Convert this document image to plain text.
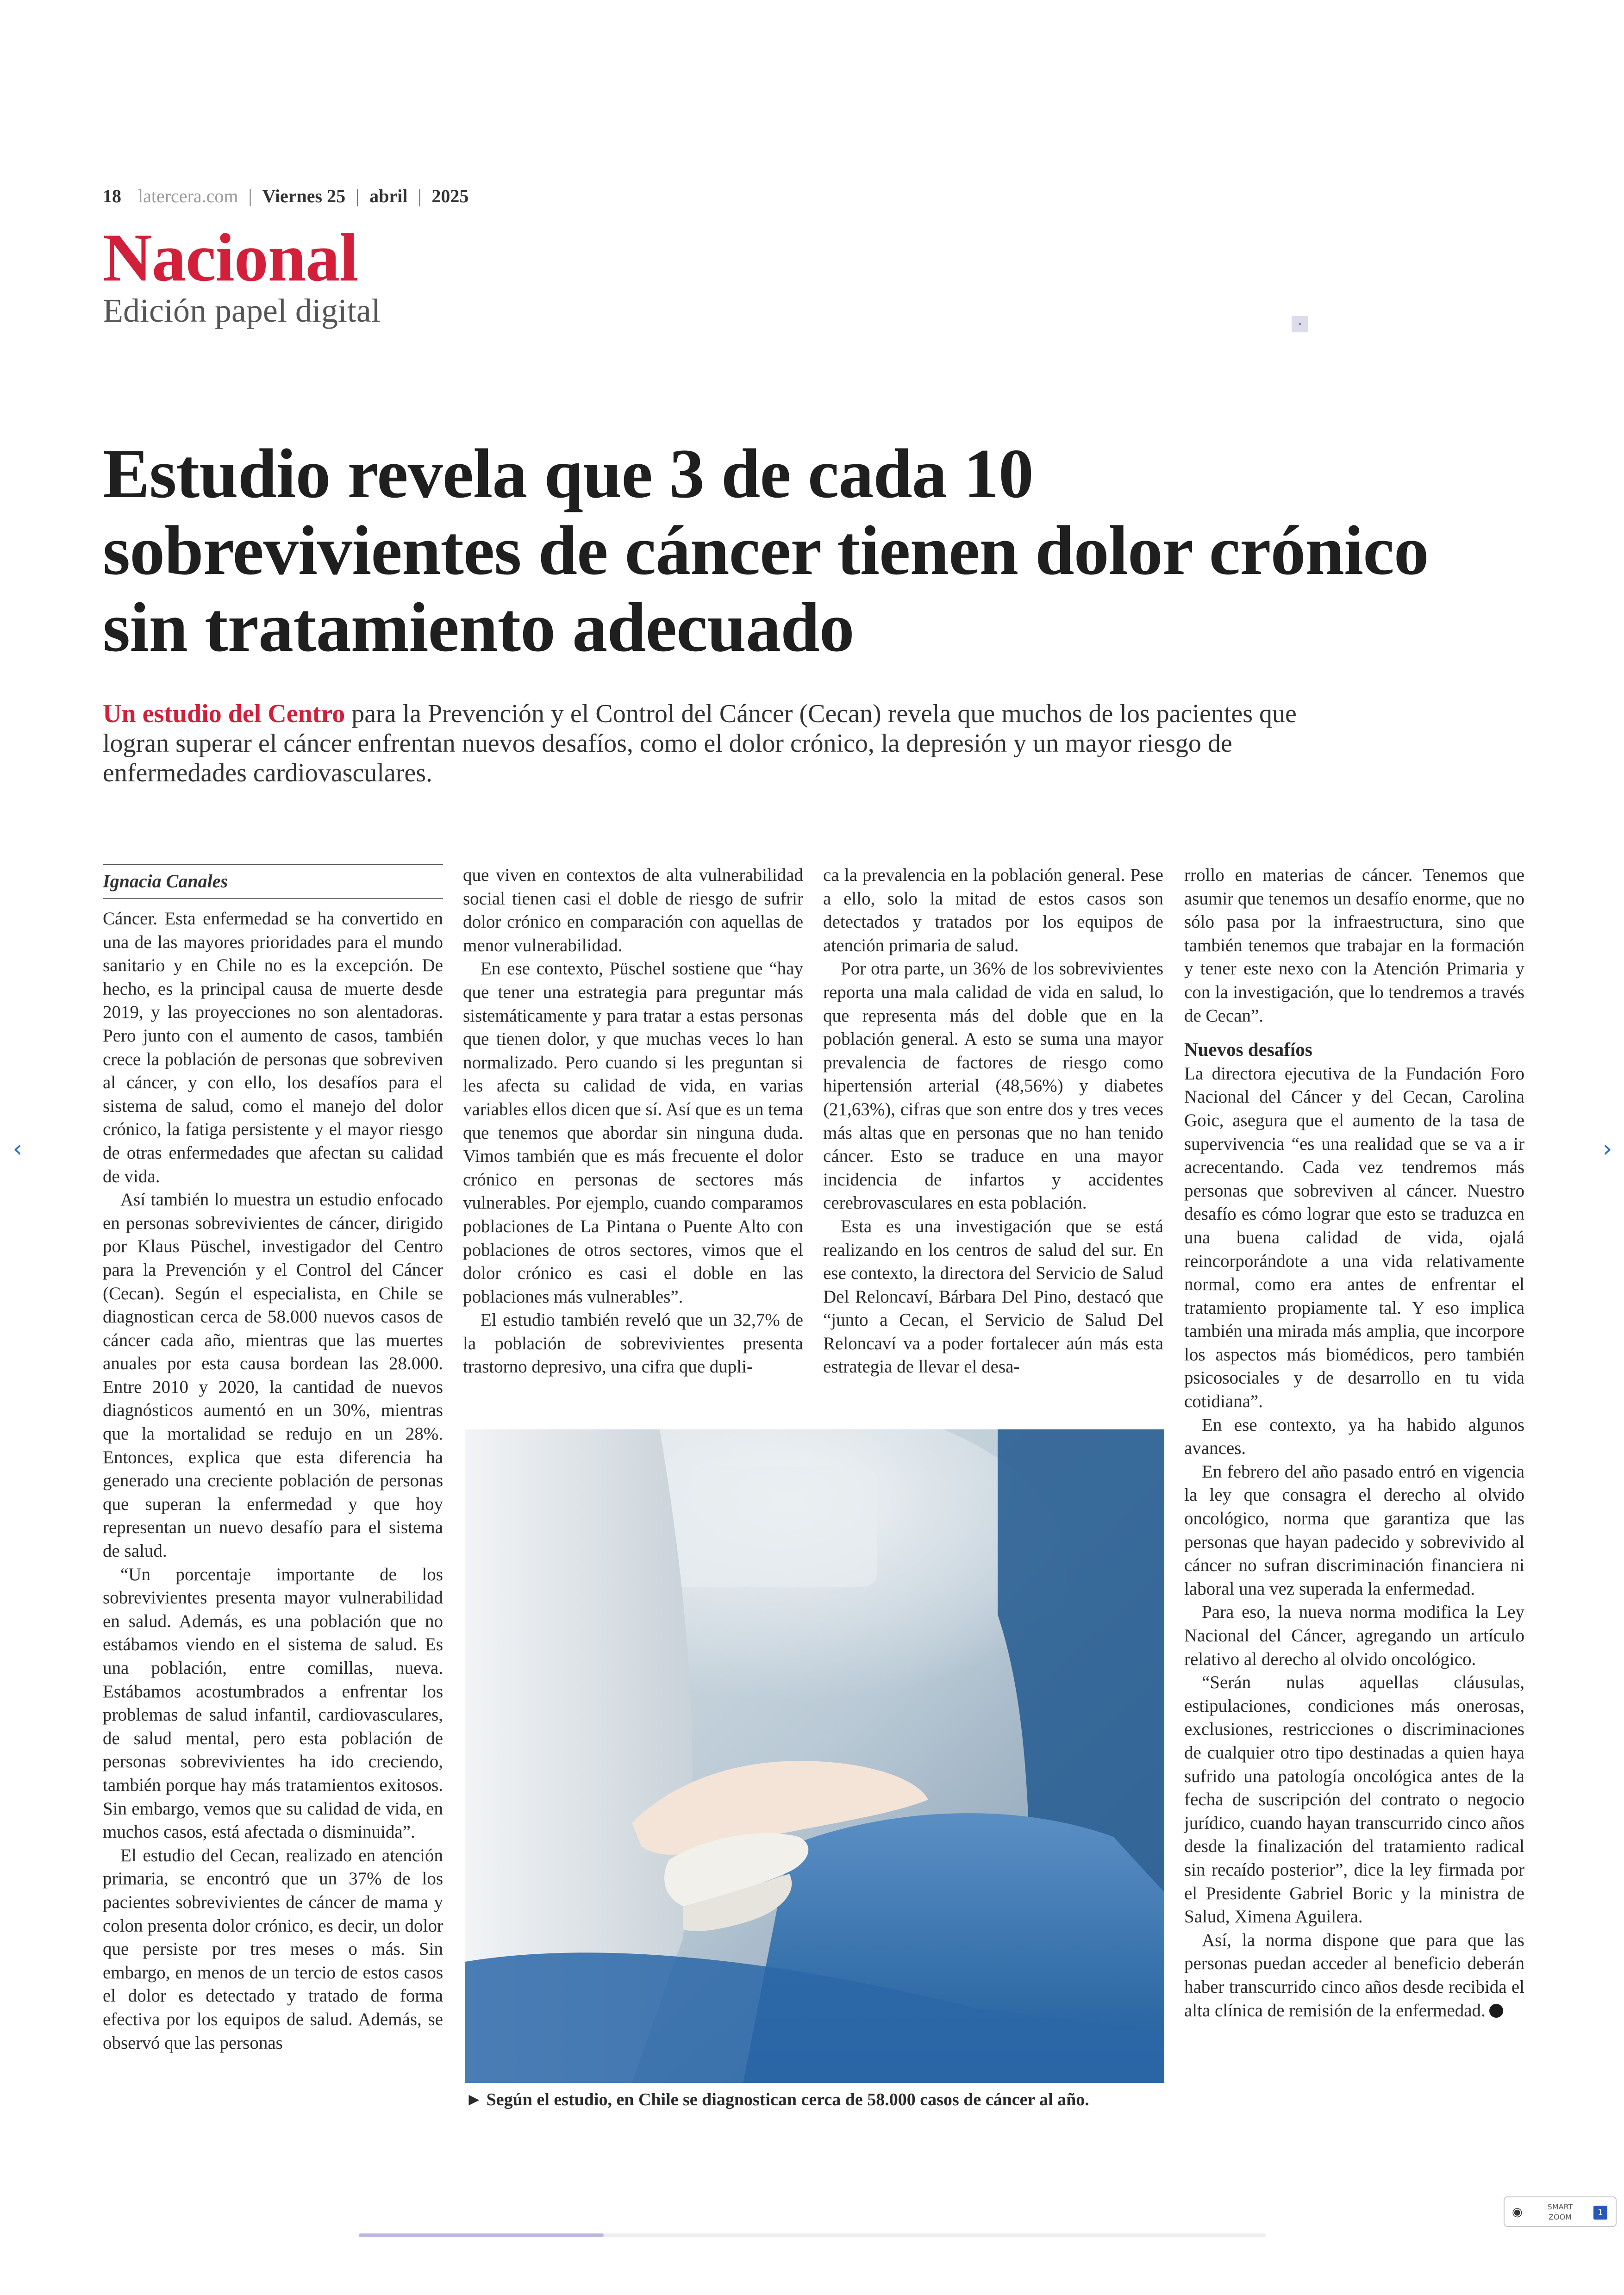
18 latercera.com | Viernes 25 | abril | 2025
Nacional
Edición papel digital	▪
Estudio revela que 3 de cada 10 sobrevivientes de cáncer tienen dolor crónico sin tratamiento adecuado

Un estudio del Centro para la Prevención y el Control del Cáncer (Cecan) revela que muchos de los pacientes que logran superar el cáncer enfrentan nuevos desafíos, como el dolor crónico, la depresión y un mayor riesgo de enfermedades cardiovasculares.

Ignacia Canales

Cáncer. Esta enfermedad se ha convertido en una de las mayores prioridades para el mundo sanitario y en Chile no es la excepción. De hecho, es la principal causa de muerte desde 2019, y las proyecciones no son alentadoras. Pero junto con el aumento de casos, también crece la población de personas que sobreviven al cáncer, y con ello, los desafíos para el sistema de salud, como el manejo del dolor crónico, la fatiga persistente y el mayor riesgo de otras enfermedades que afectan su calidad de vida.

Así también lo muestra un estudio enfocado en personas sobrevivientes de cáncer, dirigido por Klaus Püschel, investigador del Centro para la Prevención y el Control del Cáncer (Cecan). Según el especialista, en Chile se diagnostican cerca de 58.000 nuevos casos de cáncer cada año, mientras que las muertes anuales por esta causa bordean las 28.000. Entre 2010 y 2020, la cantidad de nuevos diagnósticos aumentó en un 30%, mientras que la mortalidad se redujo en un 28%. Entonces, explica que esta diferencia ha generado una creciente población de personas que superan la enfermedad y que hoy representan un nuevo desafío para el sistema de salud.

“Un porcentaje importante de los sobrevivientes presenta mayor vulnerabilidad en salud. Además, es una población que no estábamos viendo en el sistema de salud. Es una población, entre comillas, nueva. Estábamos acostumbrados a enfrentar los problemas de salud infantil, cardiovasculares, de salud mental, pero esta población de personas sobrevivientes ha ido creciendo, también porque hay más tratamientos exitosos. Sin embargo, vemos que su calidad de vida, en muchos casos, está afectada o disminuida”.

El estudio del Cecan, realizado en atención primaria, se encontró que un 37% de los pacientes sobrevivientes de cáncer de mama y colon presenta dolor crónico, es decir, un dolor que persiste por tres meses o más. Sin embargo, en menos de un tercio de estos casos el dolor es detectado y tratado de forma efectiva por los equipos de salud. Además, se observó que las personas

que viven en contextos de alta vulnerabilidad social tienen casi el doble de riesgo de sufrir dolor crónico en comparación con aquellas de menor vulnerabilidad.

En ese contexto, Püschel sostiene que “hay que tener una estrategia para preguntar más sistemáticamente y para tratar a estas personas que tienen dolor, y que muchas veces lo han normalizado. Pero cuando si les preguntan si les afecta su calidad de vida, en varias variables ellos dicen que sí. Así que es un tema que tenemos que abordar sin ninguna duda. Vimos también que es más frecuente el dolor crónico en personas de sectores más vulnerables. Por ejemplo, cuando comparamos poblaciones de La Pintana o Puente Alto con poblaciones de otros sectores, vimos que el dolor crónico es casi el doble en las poblaciones más vulnerables”.

El estudio también reveló que un 32,7% de la población de sobrevivientes presenta trastorno depresivo, una cifra que dupli-

ca la prevalencia en la población general. Pese a ello, solo la mitad de estos casos son detectados y tratados por los equipos de atención primaria de salud.

Por otra parte, un 36% de los sobrevivientes reporta una mala calidad de vida en salud, lo que representa más del doble que en la población general. A esto se suma una mayor prevalencia de factores de riesgo como hipertensión arterial (48,56%) y diabetes (21,63%), cifras que son entre dos y tres veces más altas que en personas que no han tenido cáncer. Esto se traduce en una mayor incidencia de infartos y accidentes cerebrovasculares en esta población.

Esta es una investigación que se está realizando en los centros de salud del sur. En ese contexto, la directora del Servicio de Salud Del Reloncaví, Bárbara Del Pino, destacó que “junto a Cecan, el Servicio de Salud Del Reloncaví va a poder fortalecer aún más esta estrategia de llevar el desa-

rrollo en materias de cáncer. Tenemos que asumir que tenemos un desafío enorme, que no sólo pasa por la infraestructura, sino que también tenemos que trabajar en la formación y tener este nexo con la Atención Primaria y con la investigación, que lo tendremos a través de Cecan”.

Nuevos desafíos

La directora ejecutiva de la Fundación Foro Nacional del Cáncer y del Cecan, Carolina Goic, asegura que el aumento de la tasa de supervivencia “es una realidad que se va a ir acrecentando. Cada vez tendremos más personas que sobreviven al cáncer. Nuestro desafío es cómo lograr que esto se traduzca en una buena calidad de vida, ojalá reincorporándote a una vida relativamente normal, como era antes de enfrentar el tratamiento propiamente tal. Y eso implica también una mirada más amplia, que incorpore los aspectos más biomédicos, pero también psicosociales y de desarrollo en tu vida cotidiana”.

En ese contexto, ya ha habido algunos avances.

En febrero del año pasado entró en vigencia la ley que consagra el derecho al olvido oncológico, norma que garantiza que las personas que hayan padecido y sobrevivido al cáncer no sufran discriminación financiera ni laboral una vez superada la enfermedad.

Para eso, la nueva norma modifica la Ley Nacional del Cáncer, agregando un artículo relativo al derecho al olvido oncológico.

“Serán nulas aquellas cláusulas, estipulaciones, condiciones más onerosas, exclusiones, restricciones o discriminaciones de cualquier otro tipo destinadas a quien haya sufrido una patología oncológica antes de la fecha de suscripción del contrato o negocio jurídico, cuando hayan transcurrido cinco años desde la finalización del tratamiento radical sin recaído posterior”, dice la ley firmada por el Presidente Gabriel Boric y la ministra de Salud, Ximena Aguilera.

Así, la norma dispone que para que las personas puedan acceder al beneficio deberán haber transcurrido cinco años desde recibida el alta clínica de remisión de la enfermedad.

► Según el estudio, en Chile se diagnostican cerca de 58.000 casos de cáncer al año.
‹	›
◉	SMART ZOOM	1
